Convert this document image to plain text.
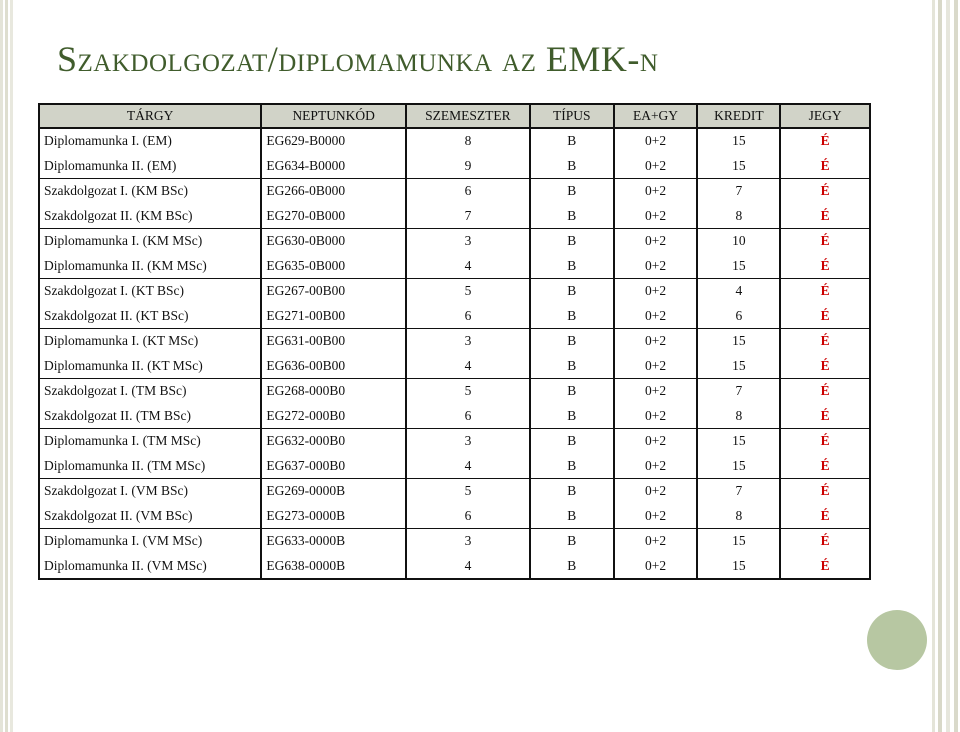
Szakdolgozat/diplomamunka az EMK-n
TÁRGY	NEPTUNKÓD	SZEMESZTER	TÍPUS	EA+GY	KREDIT	JEGY
Diplomamunka I. (EM)	EG629-B0000	8	B	0+2	15	É
Diplomamunka II. (EM)	EG634-B0000	9	B	0+2	15	É
Szakdolgozat I. (KM BSc)	EG266-0B000	6	B	0+2	7	É
Szakdolgozat II. (KM BSc)	EG270-0B000	7	B	0+2	8	É
Diplomamunka I. (KM MSc)	EG630-0B000	3	B	0+2	10	É
Diplomamunka II. (KM MSc)	EG635-0B000	4	B	0+2	15	É
Szakdolgozat I. (KT BSc)	EG267-00B00	5	B	0+2	4	É
Szakdolgozat II. (KT BSc)	EG271-00B00	6	B	0+2	6	É
Diplomamunka I. (KT MSc)	EG631-00B00	3	B	0+2	15	É
Diplomamunka II. (KT MSc)	EG636-00B00	4	B	0+2	15	É
Szakdolgozat I. (TM BSc)	EG268-000B0	5	B	0+2	7	É
Szakdolgozat II. (TM BSc)	EG272-000B0	6	B	0+2	8	É
Diplomamunka I. (TM MSc)	EG632-000B0	3	B	0+2	15	É
Diplomamunka II. (TM MSc)	EG637-000B0	4	B	0+2	15	É
Szakdolgozat I. (VM BSc)	EG269-0000B	5	B	0+2	7	É
Szakdolgozat II. (VM BSc)	EG273-0000B	6	B	0+2	8	É
Diplomamunka I. (VM MSc)	EG633-0000B	3	B	0+2	15	É
Diplomamunka II. (VM MSc)	EG638-0000B	4	B	0+2	15	É
